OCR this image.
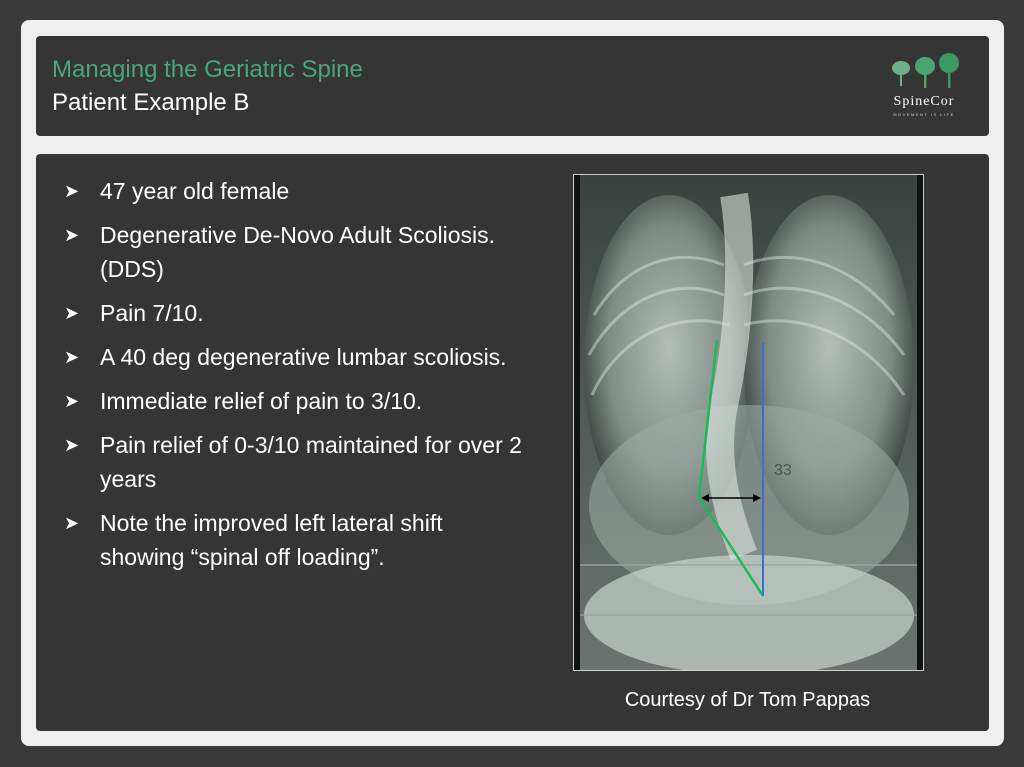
Managing the Geriatric Spine
Patient Example B	SpineCor
MOVEMENT IS LIFE
➤ 47 year old female
➤ Degenerative De-Novo Adult Scoliosis. (DDS)
➤ Pain 7/10.
➤ A 40 deg degenerative lumbar scoliosis.
➤ Immediate relief of pain to 3/10.
➤ Pain relief of 0-3/10 maintained for over 2 years
➤ Note the improved left lateral shift showing “spinal off loading”.
33
Courtesy of Dr Tom Pappas
